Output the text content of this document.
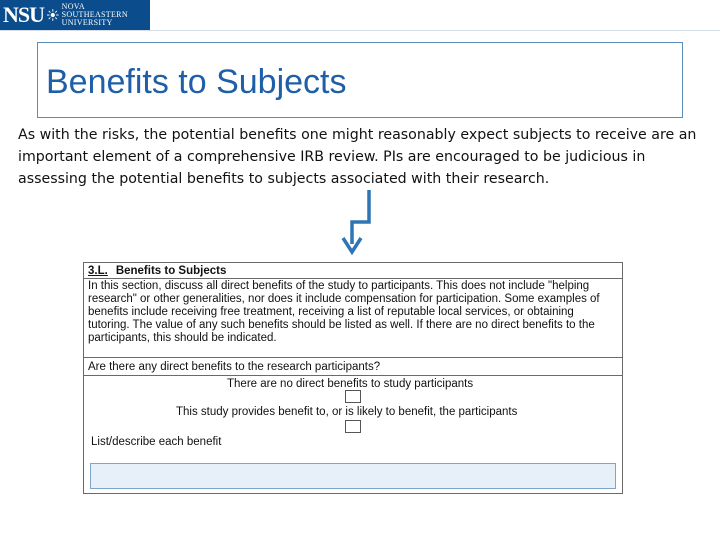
NSU NOVA SOUTHEASTERN
UNIVERSITY
Benefits to Subjects

As with the risks, the potential benefits one might reasonably expect subjects to receive are an important element of a comprehensive IRB review. PIs are encouraged to be judicious in assessing the potential benefits to subjects associated with their research.

3.L. Benefits to Subjects

In this section, discuss all direct benefits of the study to participants. This does not include "helping research" or other generalities, nor does it include compensation for participation. Some examples of benefits include receiving free treatment, receiving a list of reputable local services, or obtaining tutoring. The value of any such benefits should be listed as well. If there are no direct benefits to the participants, this should be indicated.

Are there any direct benefits to the research participants?
There are no direct benefits to study participants
This study provides benefit to, or is likely to benefit, the participants
List/describe each benefit
